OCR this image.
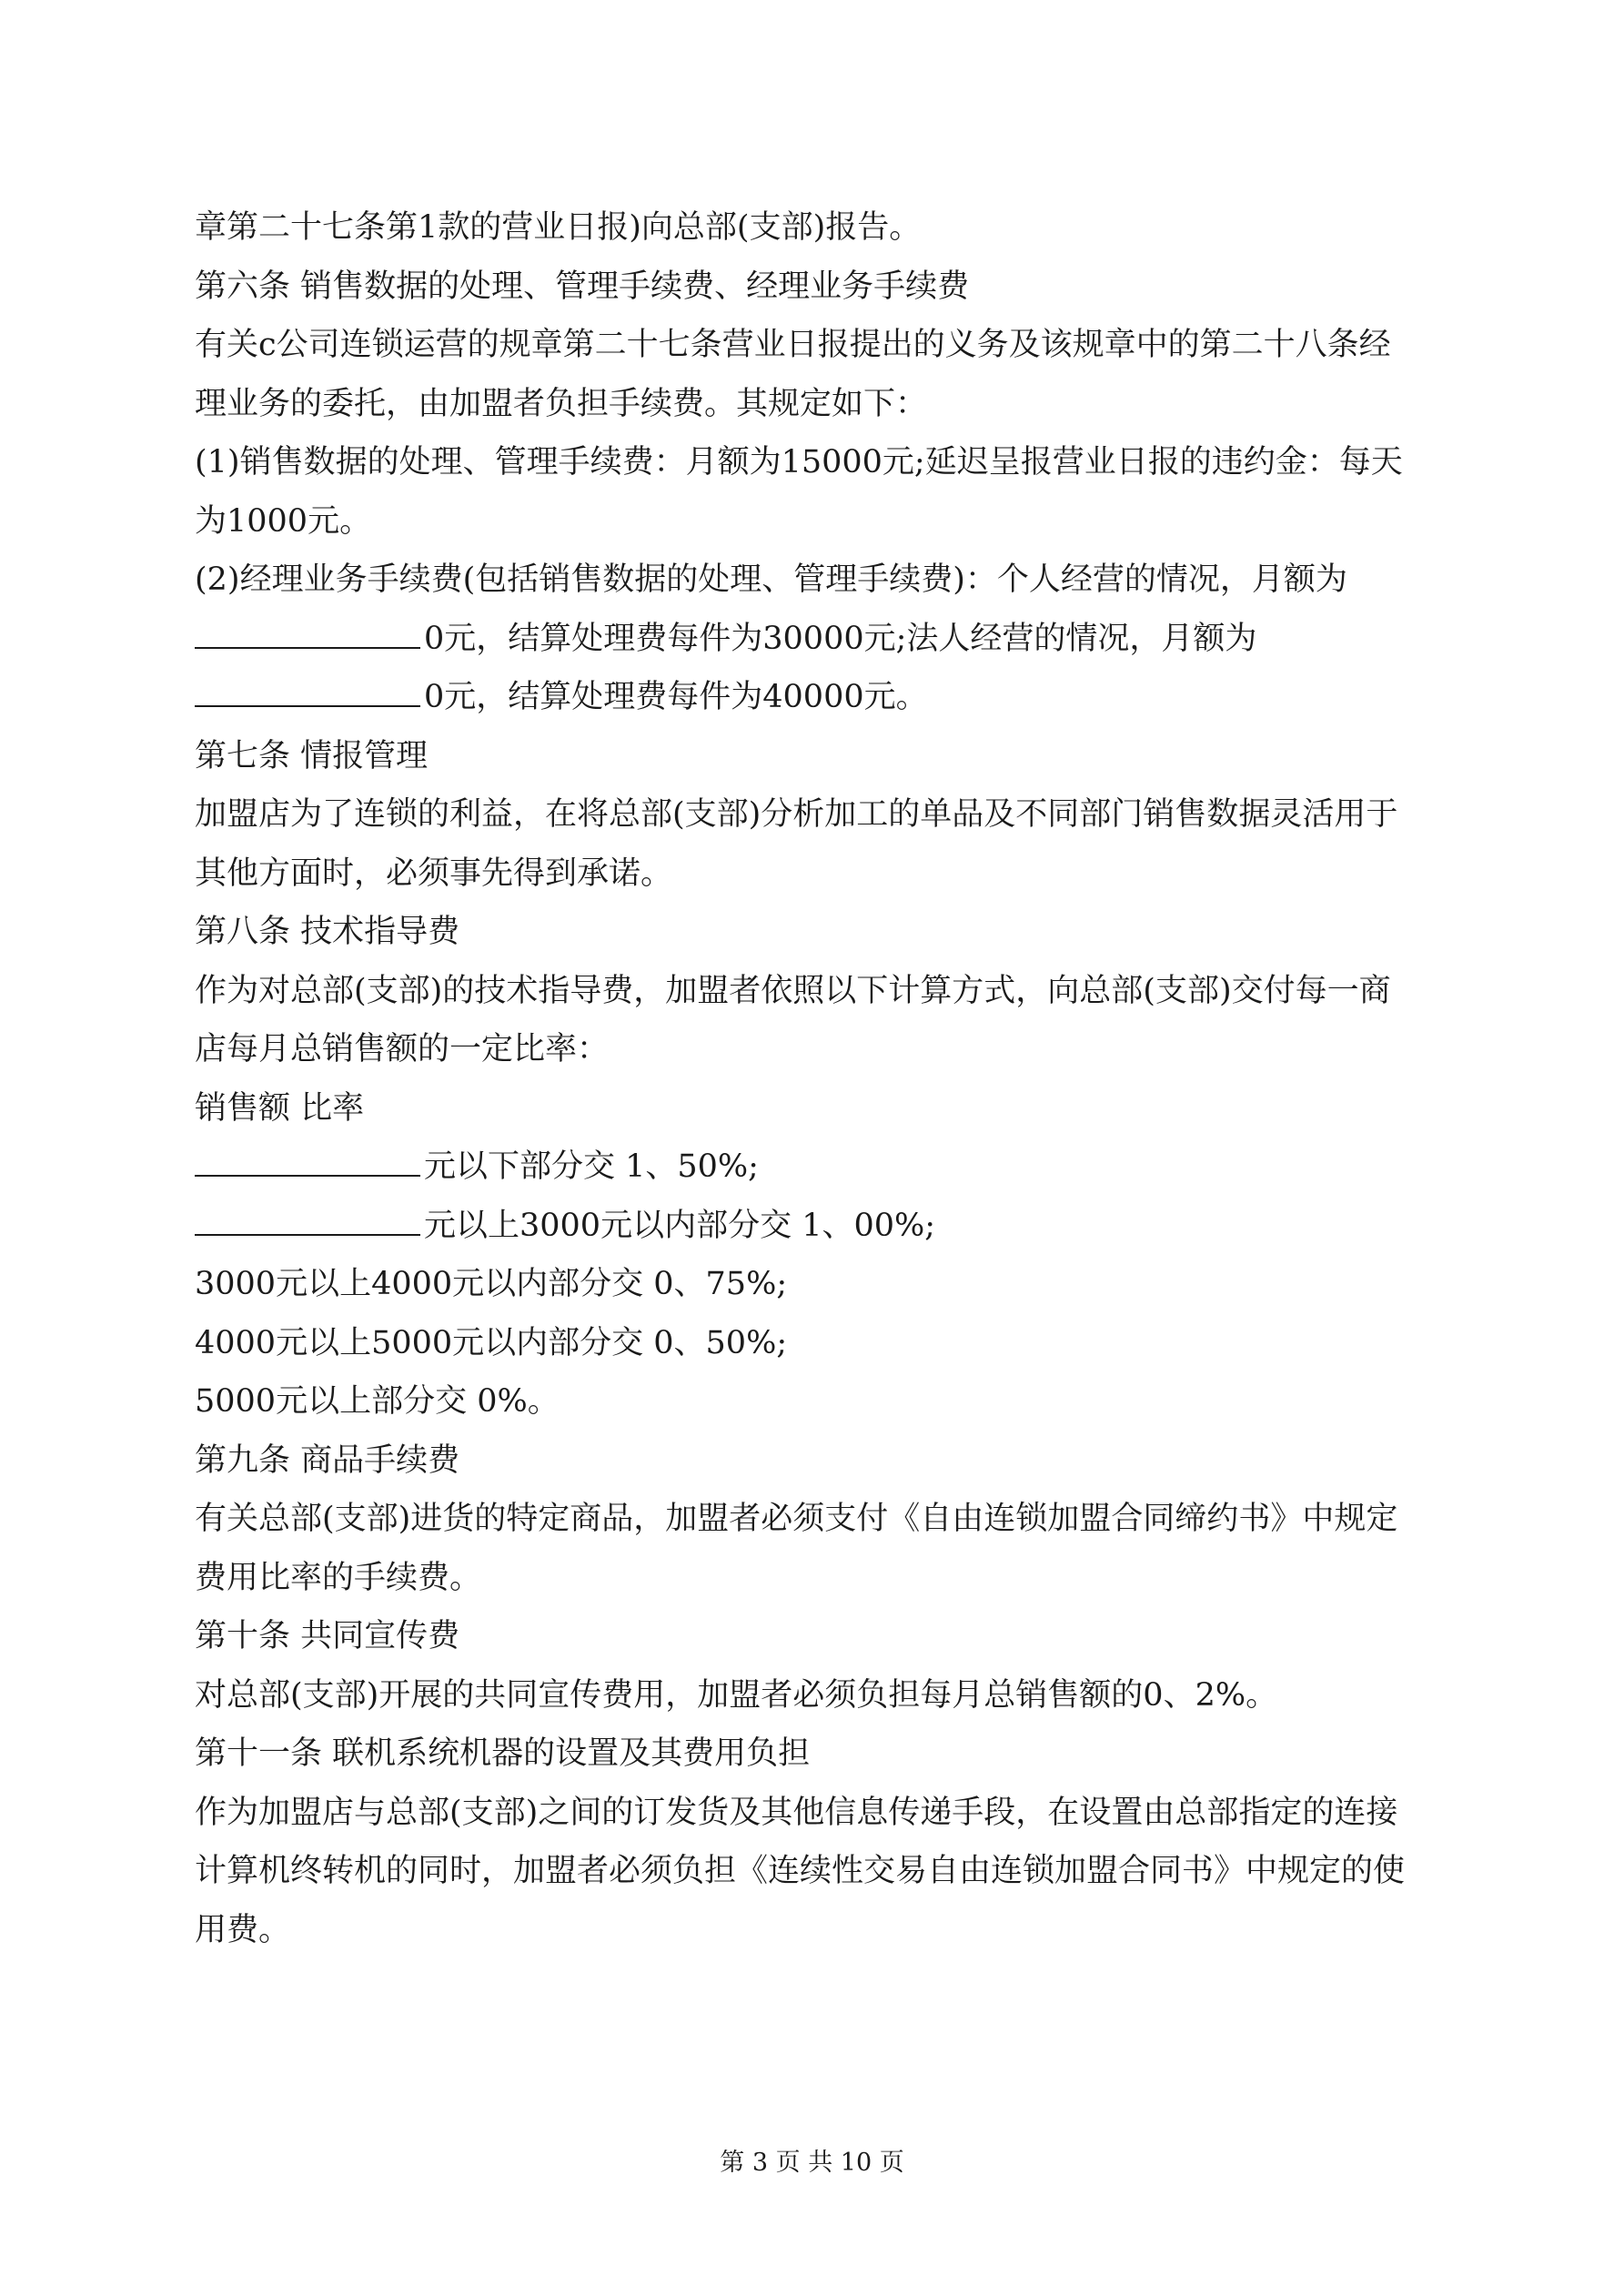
章第二十七条第1款的营业日报)向总部(支部)报告。
第六条 销售数据的处理、管理手续费、经理业务手续费
有关c公司连锁运营的规章第二十七条营业日报提出的义务及该规章中的第二十八条经
理业务的委托，由加盟者负担手续费。其规定如下：
(1)销售数据的处理、管理手续费：月额为15000元;延迟呈报营业日报的违约金：每天
为1000元。
(2)经理业务手续费(包括销售数据的处理、管理手续费)：个人经营的情况，月额为
0元，结算处理费每件为30000元;法人经营的情况，月额为
0元，结算处理费每件为40000元。
第七条 情报管理
加盟店为了连锁的利益，在将总部(支部)分析加工的单品及不同部门销售数据灵活用于
其他方面时，必须事先得到承诺。
第八条 技术指导费
作为对总部(支部)的技术指导费，加盟者依照以下计算方式，向总部(支部)交付每一商
店每月总销售额的一定比率：
销售额 比率
元以下部分交 1、50%;
元以上3000元以内部分交 1、00%;
3000元以上4000元以内部分交 0、75%;
4000元以上5000元以内部分交 0、50%;
5000元以上部分交 0%。
第九条 商品手续费
有关总部(支部)进货的特定商品，加盟者必须支付《自由连锁加盟合同缔约书》中规定
费用比率的手续费。
第十条 共同宣传费
对总部(支部)开展的共同宣传费用，加盟者必须负担每月总销售额的0、2%。
第十一条 联机系统机器的设置及其费用负担
作为加盟店与总部(支部)之间的订发货及其他信息传递手段，在设置由总部指定的连接
计算机终转机的同时，加盟者必须负担《连续性交易自由连锁加盟合同书》中规定的使
用费。
第 3 页 共 10 页
